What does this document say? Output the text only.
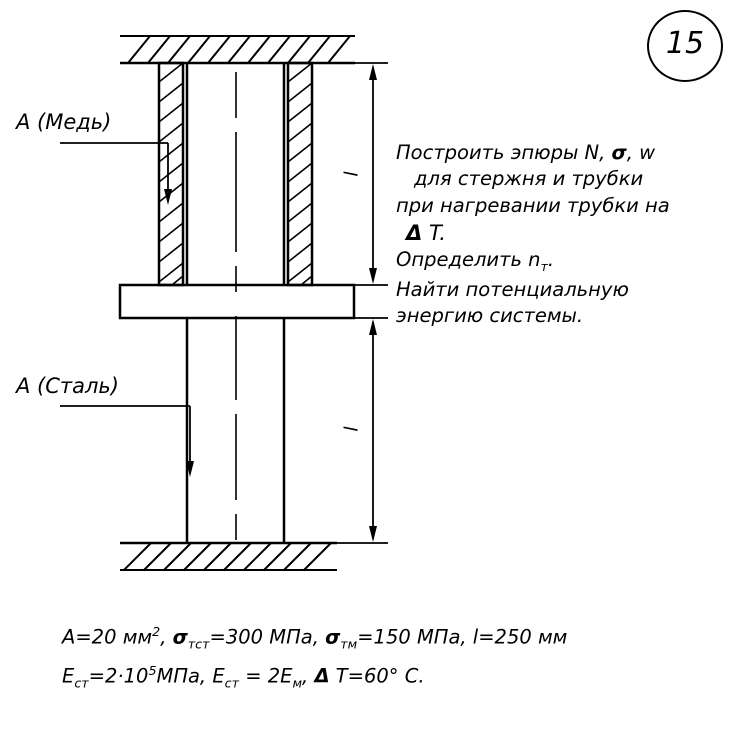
15
A (Медь)
A (Сталь)
l
l
Построить эпюры N, σ, w
для стержня и трубки
при нагревании трубки на
Δ T.
Определить $n_т$.
Найти потенциальную
энергию системы.
A=20 $мм^2$, $\sigma_{тст}=300$ МПа, $\sigma_{тм}=150$ МПа, l=250 мм
$E_{ст}=2\cdot 10^5МПа$, $E_{ст} = 2E_м$, Δ T=60° C.
